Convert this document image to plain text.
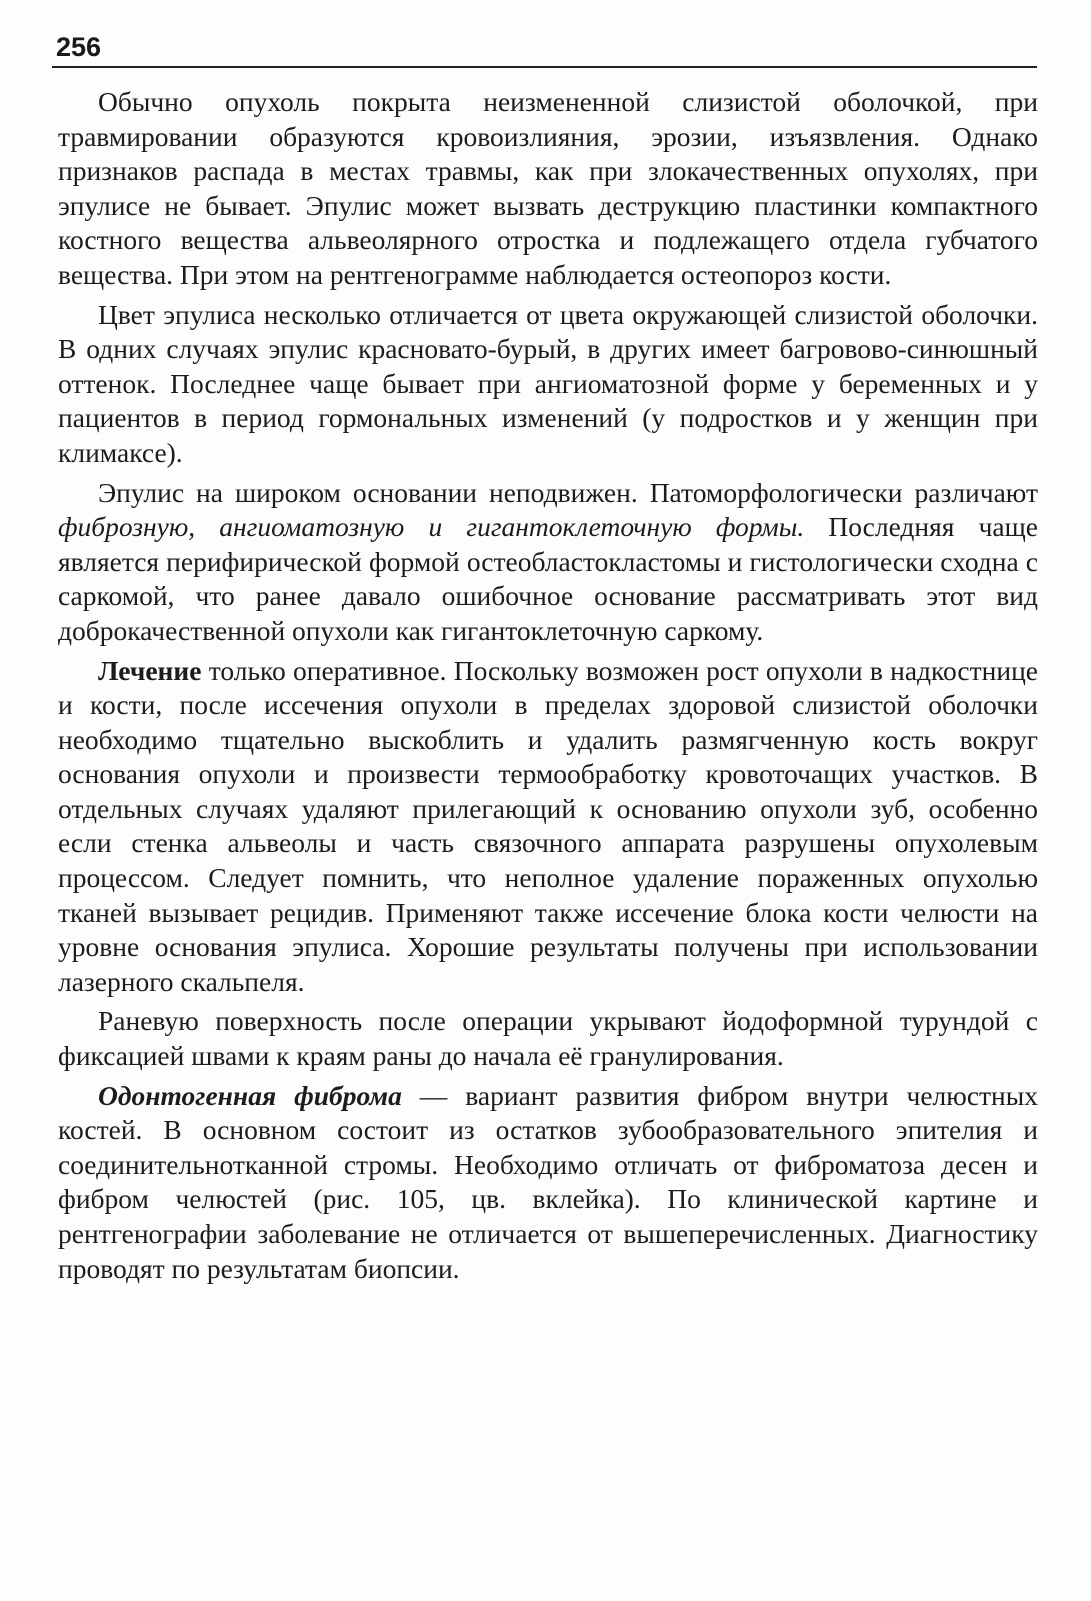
256

Обычно опухоль покрыта неизмененной слизистой оболочкой, при травмировании образуются кровоизлияния, эрозии, изъязвления. Однако признаков распада в местах травмы, как при злокачественных опухолях, при эпулисе не бывает. Эпулис может вызвать деструкцию пластинки компактного костного вещества альвеолярного отростка и подлежащего отдела губчатого вещества. При этом на рентгенограмме наблюдается остеопороз кости.

Цвет эпулиса несколько отличается от цвета окружающей слизистой оболочки. В одних случаях эпулис красновато-бурый, в других имеет багровово-синюшный оттенок. Последнее чаще бывает при ангиоматозной форме у беременных и у пациентов в период гормональных изменений (у подростков и у женщин при климаксе).

Эпулис на широком основании неподвижен. Патоморфологически различают фиброзную, ангиоматозную и гигантоклеточную формы. Последняя чаще является перифирической формой остеобластокластомы и гистологически сходна с саркомой, что ранее давало ошибочное основание рассматривать этот вид доброкачественной опухоли как гигантоклеточную саркому.

Лечение только оперативное. Поскольку возможен рост опухоли в надкостнице и кости, после иссечения опухоли в пределах здоровой слизистой оболочки необходимо тщательно выскоблить и удалить размягченную кость вокруг основания опухоли и произвести термообработку кровоточащих участков. В отдельных случаях удаляют прилегающий к основанию опухоли зуб, особенно если стенка альвеолы и часть связочного аппарата разрушены опухолевым процессом. Следует помнить, что неполное удаление пораженных опухолью тканей вызывает рецидив. Применяют также иссечение блока кости челюсти на уровне основания эпулиса. Хорошие результаты получены при использовании лазерного скальпеля.

Раневую поверхность после операции укрывают йодоформной турундой с фиксацией швами к краям раны до начала её гранулирования.

Одонтогенная фиброма — вариант развития фибром внутри челюстных костей. В основном состоит из остатков зубообразовательного эпителия и соединительнотканной стромы. Необходимо отличать от фиброматоза десен и фибром челюстей (рис. 105, цв. вклейка). По клинической картине и рентгенографии заболевание не отличается от вышеперечисленных. Диагностику проводят по результатам биопсии.
